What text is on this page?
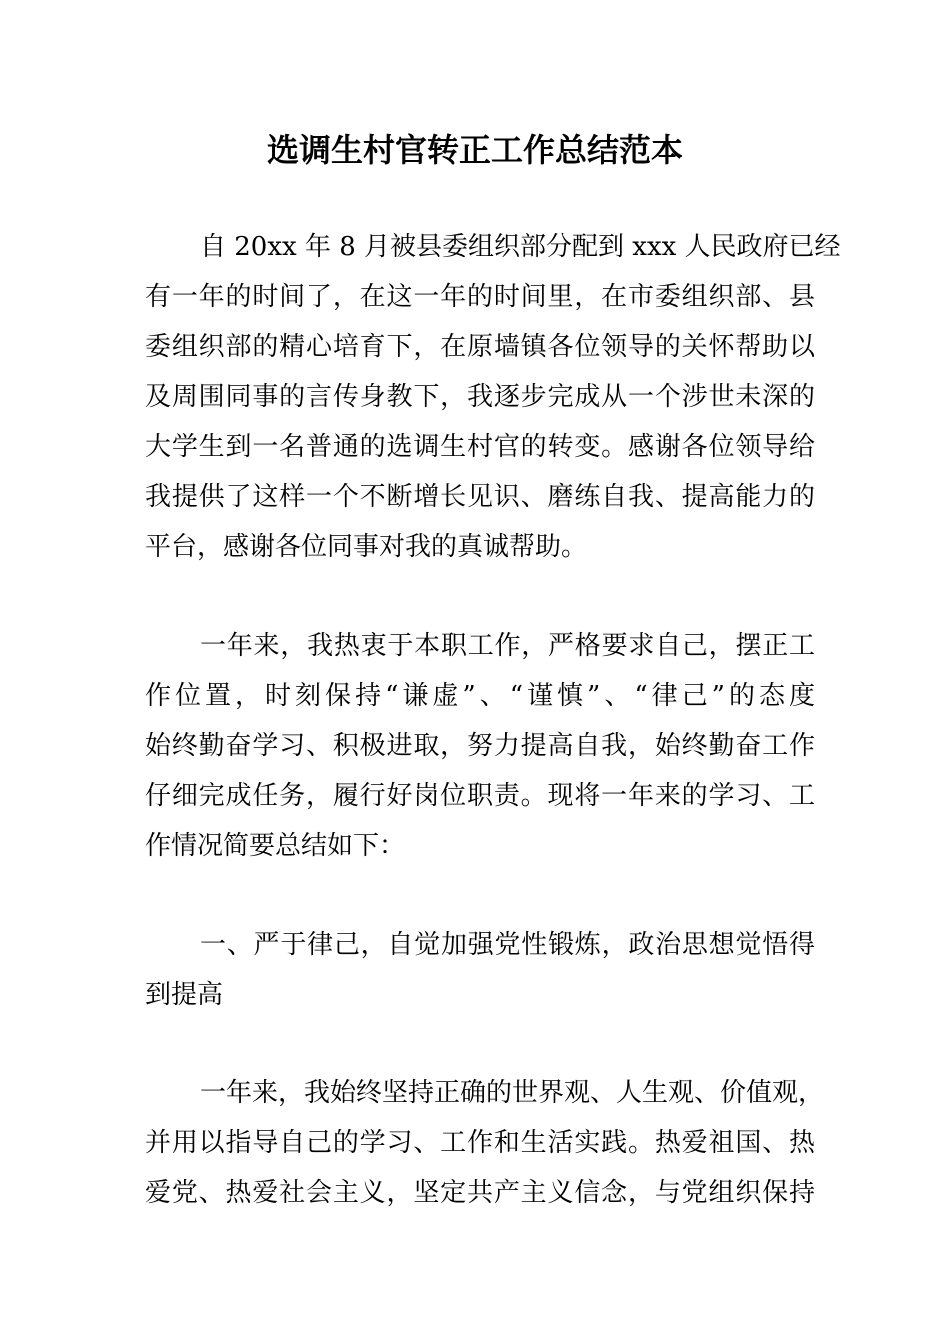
选调生村官转正工作总结范本
自 20xx 年 8 月被县委组织部分配到 xxx 人民政府已经
有一年的时间了，在这一年的时间里，在市委组织部、县
委组织部的精心培育下，在原墙镇各位领导的关怀帮助以
及周围同事的言传身教下，我逐步完成从一个涉世未深的
大学生到一名普通的选调生村官的转变。感谢各位领导给
我提供了这样一个不断增长见识、磨练自我、提高能力的
平台，感谢各位同事对我的真诚帮助。
一年来，我热衷于本职工作，严格要求自己，摆正工
作位置，时刻保持“谦虚”、“谨慎”、“律己”的态度
始终勤奋学习、积极进取，努力提高自我，始终勤奋工作
仔细完成任务，履行好岗位职责。现将一年来的学习、工
作情况简要总结如下：
一、严于律己，自觉加强党性锻炼，政治思想觉悟得
到提高
一年来，我始终坚持正确的世界观、人生观、价值观，
并用以指导自己的学习、工作和生活实践。热爱祖国、热
爱党、热爱社会主义，坚定共产主义信念，与党组织保持
